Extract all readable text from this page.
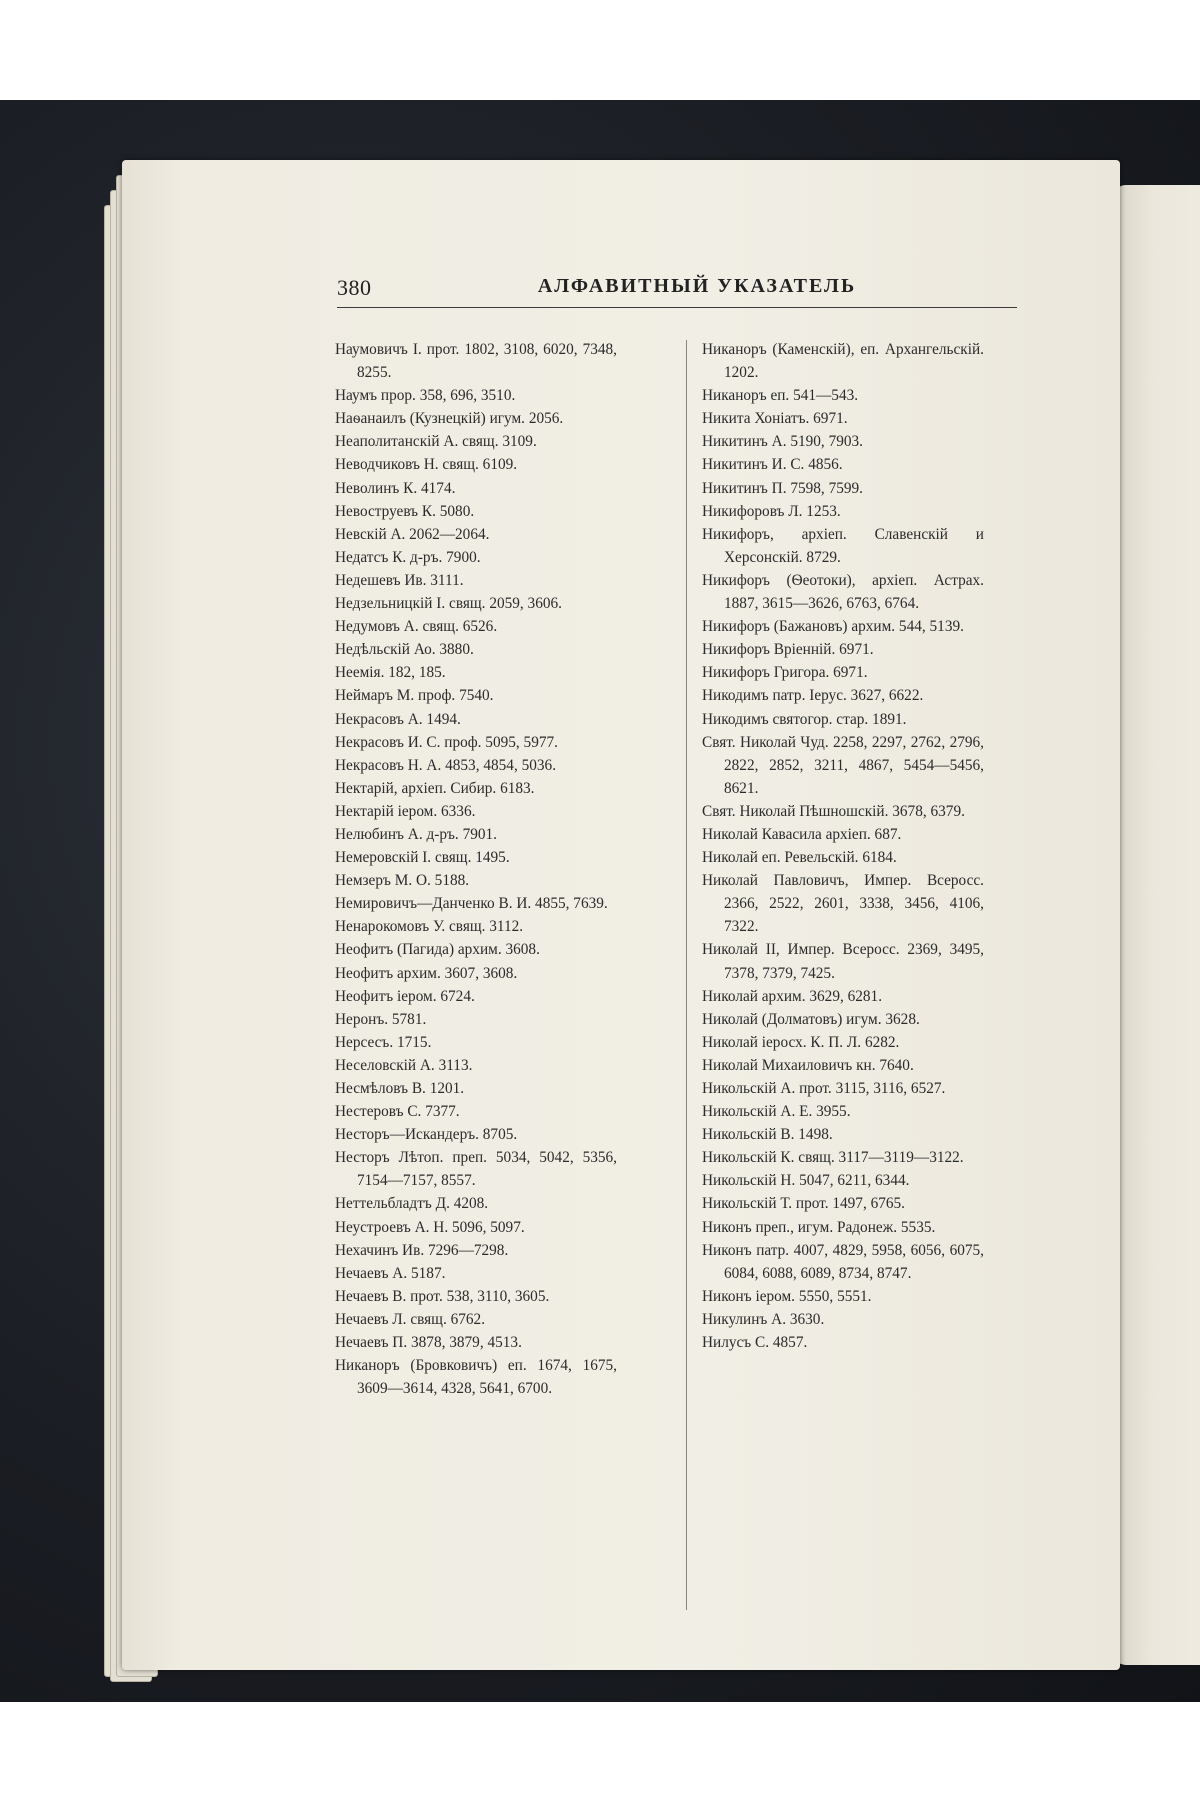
380	АЛФАВИТНЫЙ УКАЗАТЕЛЬ

Наумовичъ І. прот. 1802, 3108, 6020, 7348, 8255.

Наумъ прор. 358, 696, 3510.

Наѳанаилъ (Кузнецкій) игум. 2056.

Неаполитанскій А. свящ. 3109.

Неводчиковъ Н. свящ. 6109.

Неволинъ К. 4174.

Невоструевъ К. 5080.

Невскій А. 2062—2064.

Недатсъ К. д-ръ. 7900.

Недешевъ Ив. 3111.

Недзельницкій І. свящ. 2059, 3606.

Недумовъ А. свящ. 6526.

Недѣльскій Ао. 3880.

Неемія. 182, 185.

Неймаръ М. проф. 7540.

Некрасовъ А. 1494.

Некрасовъ И. С. проф. 5095, 5977.

Некрасовъ Н. А. 4853, 4854, 5036.

Нектарій, архіеп. Сибир. 6183.

Нектарій іером. 6336.

Нелюбинъ А. д-ръ. 7901.

Немеровскій І. свящ. 1495.

Немзеръ М. О. 5188.

Немировичъ—Данченко В. И. 4855, 7639.

Ненарокомовъ У. свящ. 3112.

Неофитъ (Пагида) архим. 3608.

Неофитъ архим. 3607, 3608.

Неофитъ іером. 6724.

Неронъ. 5781.

Нерсесъ. 1715.

Неселовскій А. 3113.

Несмѣловъ В. 1201.

Нестеровъ С. 7377.

Несторъ—Искандеръ. 8705.

Несторъ Лѣтоп. преп. 5034, 5042, 5356, 7154—7157, 8557.

Неттельбладтъ Д. 4208.

Неустроевъ А. Н. 5096, 5097.

Нехачинъ Ив. 7296—7298.

Нечаевъ А. 5187.

Нечаевъ В. прот. 538, 3110, 3605.

Нечаевъ Л. свящ. 6762.

Нечаевъ П. 3878, 3879, 4513.

Никаноръ (Бровковичъ) еп. 1674, 1675, 3609—3614, 4328, 5641, 6700.

Никаноръ (Каменскій), еп. Архангельскій. 1202.

Никаноръ еп. 541—543.

Никита Хоніатъ. 6971.

Никитинъ А. 5190, 7903.

Никитинъ И. С. 4856.

Никитинъ П. 7598, 7599.

Никифоровъ Л. 1253.

Никифоръ, архіеп. Славенскій и Херсонскій. 8729.

Никифоръ (Ѳеотоки), архіеп. Астрах. 1887, 3615—3626, 6763, 6764.

Никифоръ (Бажановъ) архим. 544, 5139.

Никифоръ Вріенній. 6971.

Никифоръ Григора. 6971.

Никодимъ патр. Іерус. 3627, 6622.

Никодимъ святогор. стар. 1891.

Свят. Николай Чуд. 2258, 2297, 2762, 2796, 2822, 2852, 3211, 4867, 5454—5456, 8621.

Свят. Николай Пѣшношскій. 3678, 6379.

Николай Кавасила архіеп. 687.

Николай еп. Ревельскій. 6184.

Николай Павловичъ, Импер. Всеросс. 2366, 2522, 2601, 3338, 3456, 4106, 7322.

Николай II, Импер. Всеросс. 2369, 3495, 7378, 7379, 7425.

Николай архим. 3629, 6281.

Николай (Долматовъ) игум. 3628.

Николай іеросх. К. П. Л. 6282.

Николай Михаиловичъ кн. 7640.

Никольскій А. прот. 3115, 3116, 6527.

Никольскій А. Е. 3955.

Никольскій В. 1498.

Никольскій К. свящ. 3117—3119—3122.

Никольскій Н. 5047, 6211, 6344.

Никольскій Т. прот. 1497, 6765.

Никонъ преп., игум. Радонеж. 5535.

Никонъ патр. 4007, 4829, 5958, 6056, 6075, 6084, 6088, 6089, 8734, 8747.

Никонъ іером. 5550, 5551.

Никулинъ А. 3630.

Нилусъ С. 4857.
